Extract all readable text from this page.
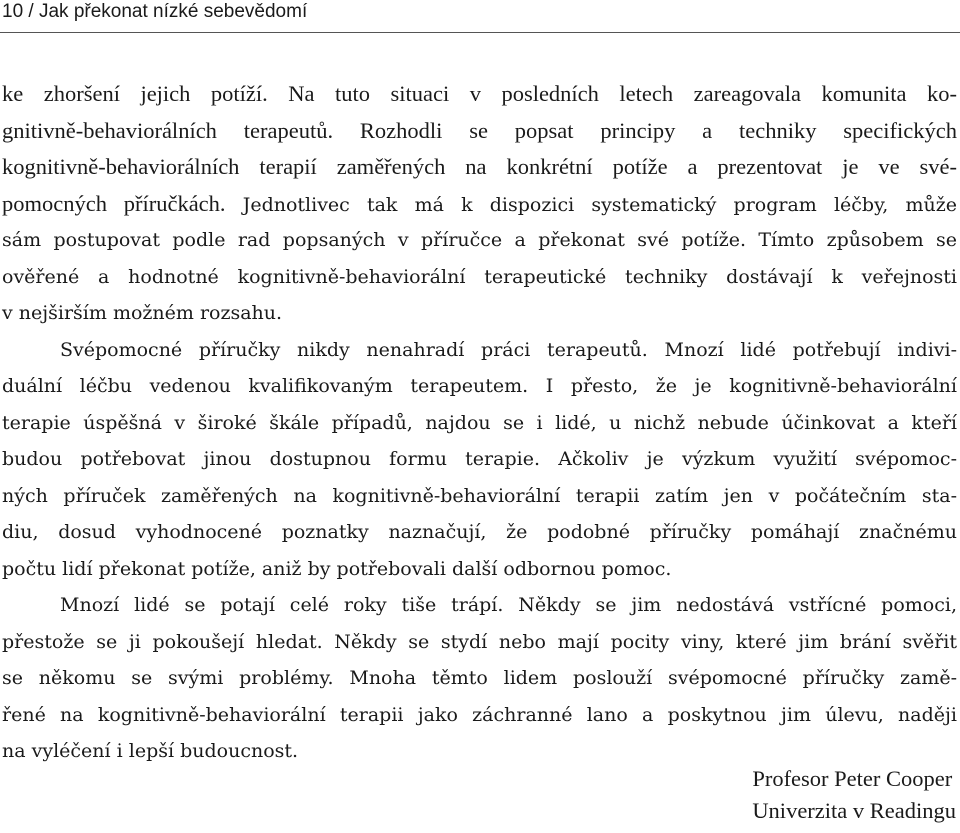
10 / Jak překonat nízké sebevědomí
ke zhoršení jejich potíží. Na tuto situaci v posledních letech zareagovala komunita ko-
gnitivně-behaviorálních terapeutů. Rozhodli se popsat principy a techniky specifických
kognitivně-behaviorálních terapií zaměřených na konkrétní potíže a prezentovat je ve své-
pomocných příručkách. Jednotlivec tak má k dispozici systematický program léčby, může
sám postupovat podle rad popsaných v příručce a překonat své potíže. Tímto způsobem se
ověřené a hodnotné kognitivně-behaviorální terapeutické techniky dostávají k veřejnosti
v nejširším možném rozsahu.
Svépomocné příručky nikdy nenahradí práci terapeutů. Mnozí lidé potřebují indivi-
duální léčbu vedenou kvalifikovaným terapeutem. I přesto, že je kognitivně-behaviorální
terapie úspěšná v široké škále případů, najdou se i lidé, u nichž nebude účinkovat a kteří
budou potřebovat jinou dostupnou formu terapie. Ačkoliv je výzkum využití svépomoc-
ných příruček zaměřených na kognitivně-behaviorální terapii zatím jen v počátečním sta-
diu, dosud vyhodnocené poznatky naznačují, že podobné příručky pomáhají značnému
počtu lidí překonat potíže, aniž by potřebovali další odbornou pomoc.
Mnozí lidé se potají celé roky tiše trápí. Někdy se jim nedostává vstřícné pomoci,
přestože se ji pokoušejí hledat. Někdy se stydí nebo mají pocity viny, které jim brání svěřit
se někomu se svými problémy. Mnoha těmto lidem poslouží svépomocné příručky zamě-
řené na kognitivně-behaviorální terapii jako záchranné lano a poskytnou jim úlevu, naději
na vyléčení i lepší budoucnost.
Profesor Peter Cooper
Univerzita v Readingu
